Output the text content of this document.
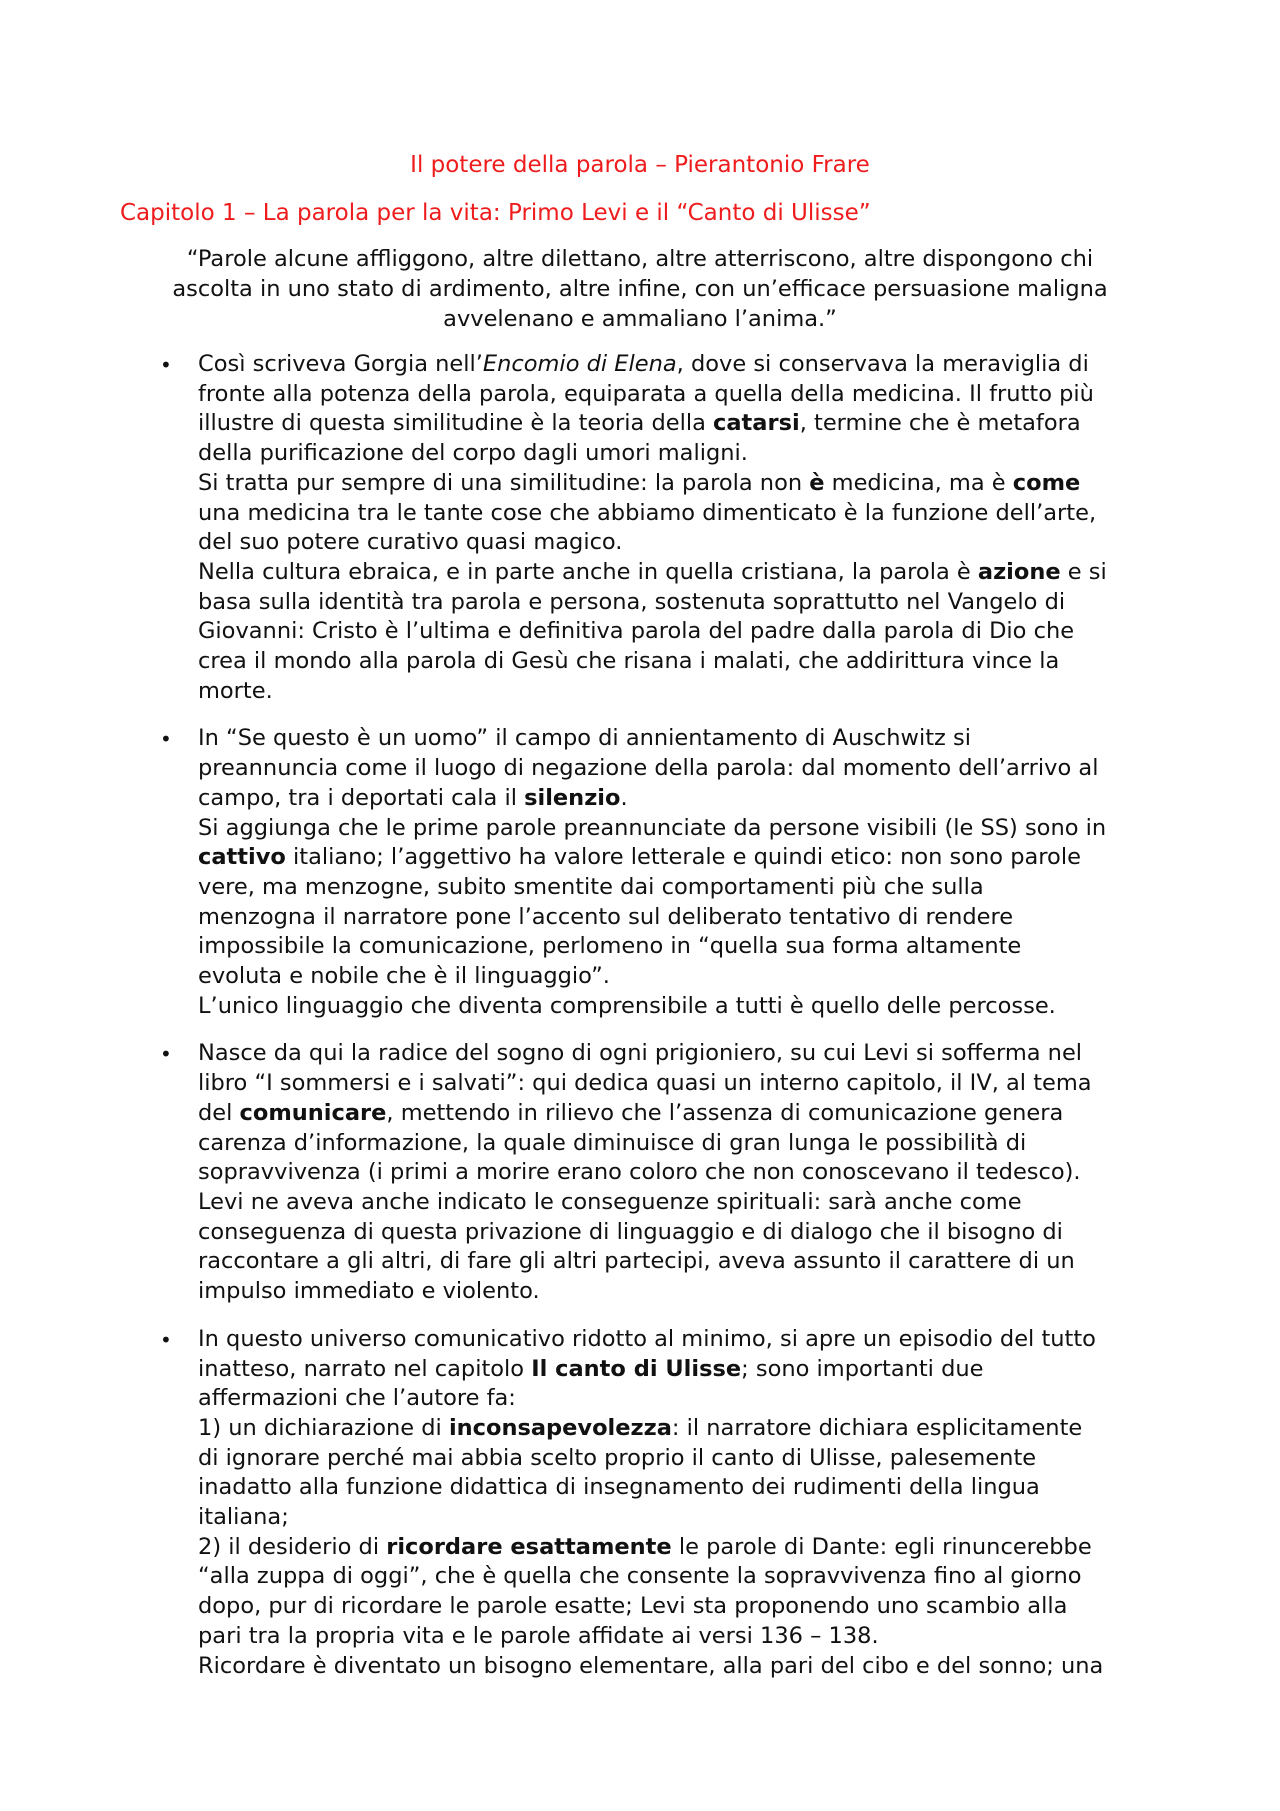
Il potere della parola – Pierantonio Frare
Capitolo 1 – La parola per la vita: Primo Levi e il “Canto di Ulisse”

“Parole alcune affliggono, altre dilettano, altre atterriscono, altre dispongono chi

ascolta in uno stato di ardimento, altre infine, con un’efficace persuasione maligna

avvelenano e ammaliano l’anima.”

• Così scriveva Gorgia nell’Encomio di Elena, dove si conservava la meraviglia di

fronte alla potenza della parola, equiparata a quella della medicina. Il frutto più

illustre di questa similitudine è la teoria della catarsi, termine che è metafora

della purificazione del corpo dagli umori maligni.

Si tratta pur sempre di una similitudine: la parola non è medicina, ma è come

una medicina tra le tante cose che abbiamo dimenticato è la funzione dell’arte,

del suo potere curativo quasi magico.

Nella cultura ebraica, e in parte anche in quella cristiana, la parola è azione e si

basa sulla identità tra parola e persona, sostenuta soprattutto nel Vangelo di

Giovanni: Cristo è l’ultima e definitiva parola del padre dalla parola di Dio che

crea il mondo alla parola di Gesù che risana i malati, che addirittura vince la

morte.

• In “Se questo è un uomo” il campo di annientamento di Auschwitz si

preannuncia come il luogo di negazione della parola: dal momento dell’arrivo al

campo, tra i deportati cala il silenzio.

Si aggiunga che le prime parole preannunciate da persone visibili (le SS) sono in

cattivo italiano; l’aggettivo ha valore letterale e quindi etico: non sono parole

vere, ma menzogne, subito smentite dai comportamenti più che sulla

menzogna il narratore pone l’accento sul deliberato tentativo di rendere

impossibile la comunicazione, perlomeno in “quella sua forma altamente

evoluta e nobile che è il linguaggio”.

L’unico linguaggio che diventa comprensibile a tutti è quello delle percosse.

• Nasce da qui la radice del sogno di ogni prigioniero, su cui Levi si sofferma nel

libro “I sommersi e i salvati”: qui dedica quasi un interno capitolo, il IV, al tema

del comunicare, mettendo in rilievo che l’assenza di comunicazione genera

carenza d’informazione, la quale diminuisce di gran lunga le possibilità di

sopravvivenza (i primi a morire erano coloro che non conoscevano il tedesco).

Levi ne aveva anche indicato le conseguenze spirituali: sarà anche come

conseguenza di questa privazione di linguaggio e di dialogo che il bisogno di

raccontare a gli altri, di fare gli altri partecipi, aveva assunto il carattere di un

impulso immediato e violento.

• In questo universo comunicativo ridotto al minimo, si apre un episodio del tutto

inatteso, narrato nel capitolo Il canto di Ulisse; sono importanti due

affermazioni che l’autore fa:

1) un dichiarazione di inconsapevolezza: il narratore dichiara esplicitamente

di ignorare perché mai abbia scelto proprio il canto di Ulisse, palesemente

inadatto alla funzione didattica di insegnamento dei rudimenti della lingua

italiana;

2) il desiderio di ricordare esattamente le parole di Dante: egli rinuncerebbe

“alla zuppa di oggi”, che è quella che consente la sopravvivenza fino al giorno

dopo, pur di ricordare le parole esatte; Levi sta proponendo uno scambio alla

pari tra la propria vita e le parole affidate ai versi 136 – 138.

Ricordare è diventato un bisogno elementare, alla pari del cibo e del sonno; una
